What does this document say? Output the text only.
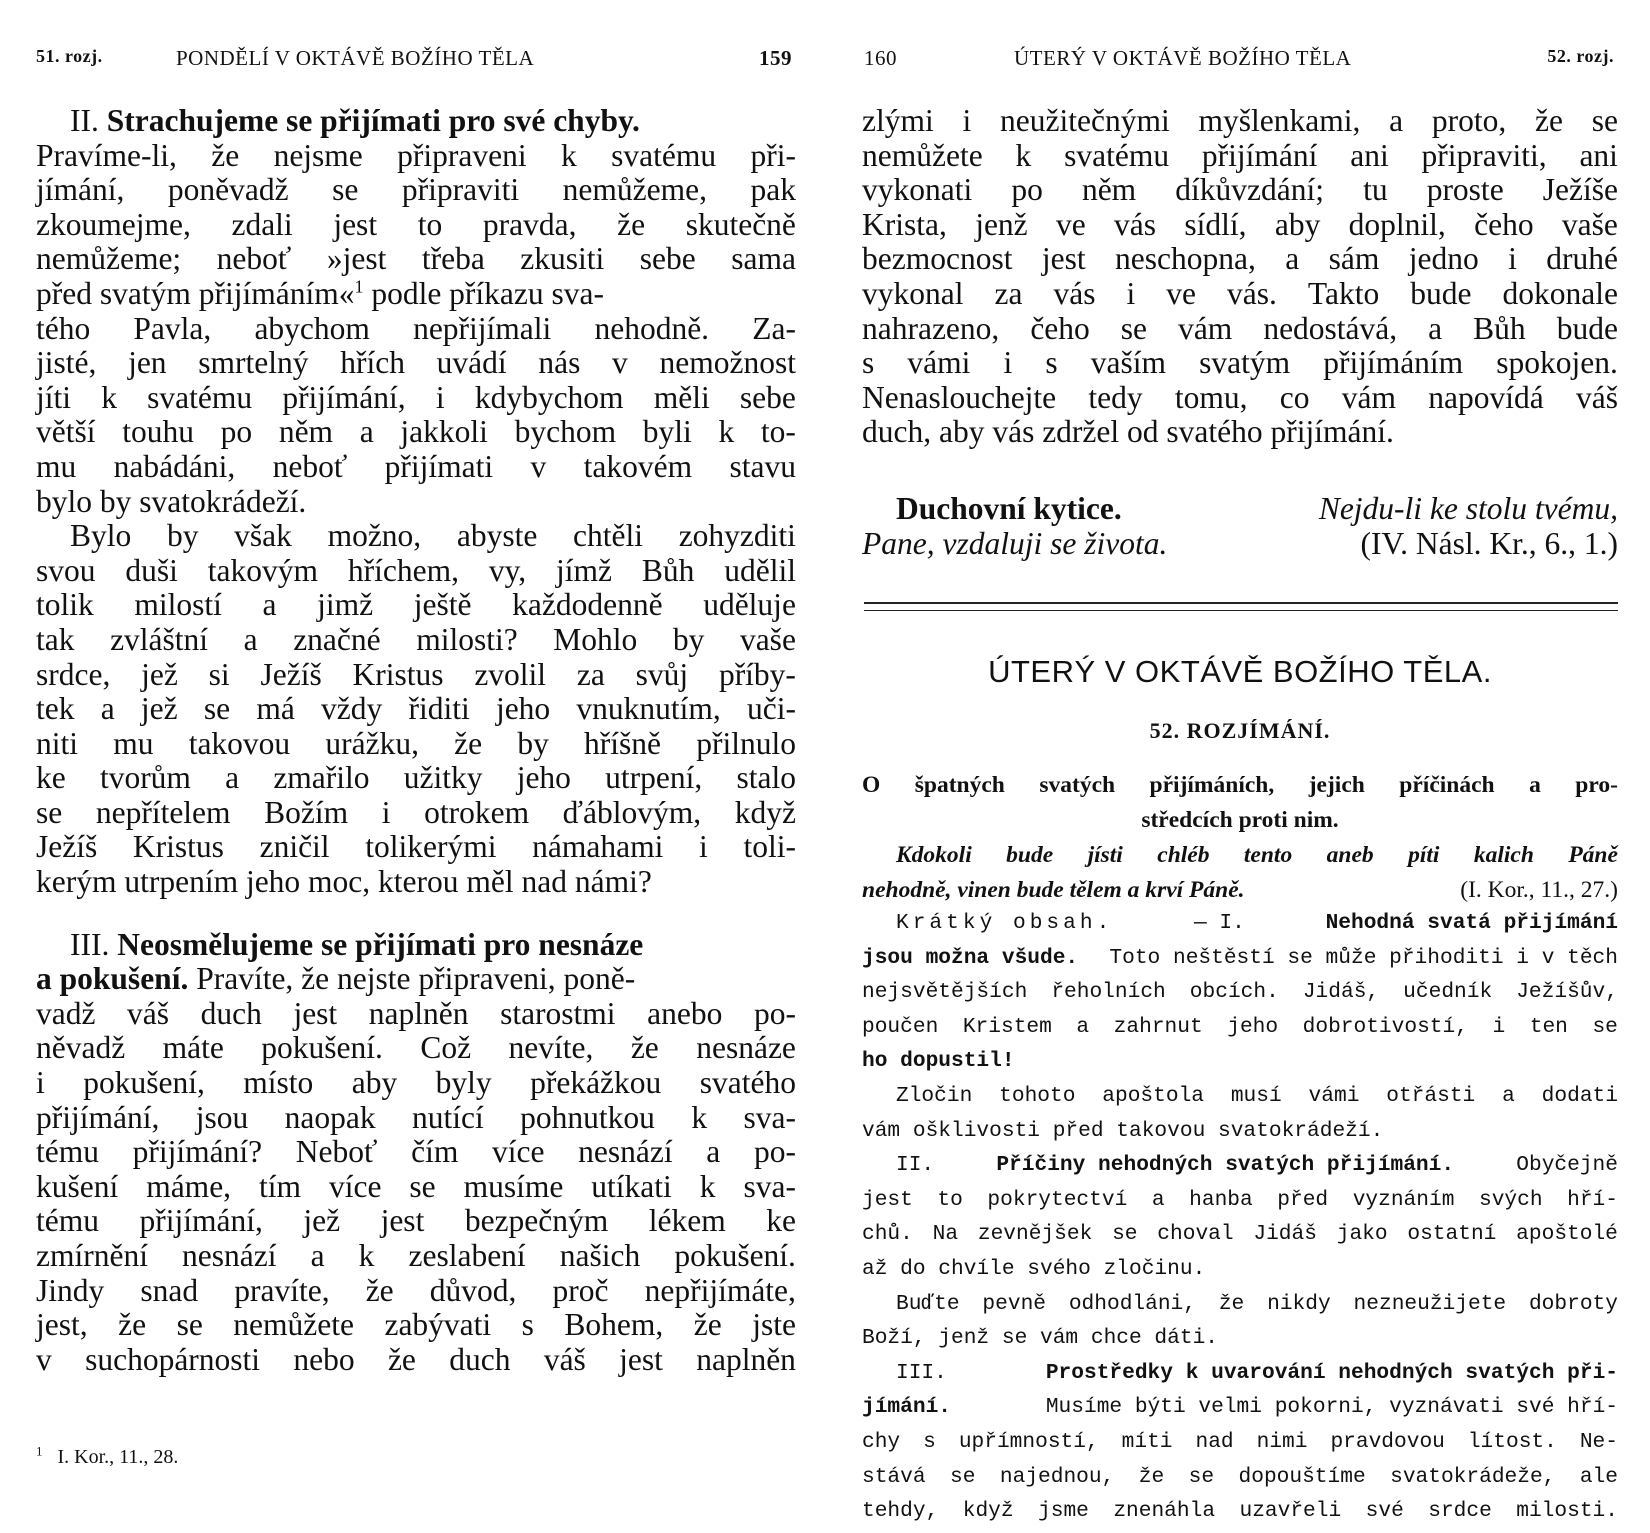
51. rozj.	PONDĚLÍ V OKTÁVĚ BOŽÍHO TĚLA	159
II. Strachujeme se přijímati pro své chyby.
Pravíme-li, že nejsme připraveni k svatému při-
jímání, poněvadž se připraviti nemůžeme, pak
zkoumejme, zdali jest to pravda, že skutečně
nemůžeme; neboť »jest třeba zkusiti sebe sama
před svatým přijímáním«$^1$ podle příkazu sva-
tého Pavla, abychom nepřijímali nehodně. Za-
jisté, jen smrtelný hřích uvádí nás v nemožnost
jíti k svatému přijímání, i kdybychom měli sebe
větší touhu po něm a jakkoli bychom byli k to-
mu nabádáni, neboť přijímati v takovém stavu
bylo by svatokrádeží.
Bylo by však možno, abyste chtěli zohyzditi
svou duši takovým hříchem, vy, jímž Bůh udělil
tolik milostí a jimž ještě každodenně uděluje
tak zvláštní a značné milosti? Mohlo by vaše
srdce, jež si Ježíš Kristus zvolil za svůj příby-
tek a jež se má vždy řiditi jeho vnuknutím, uči-
niti mu takovou urážku, že by hříšně přilnulo
ke tvorům a zmařilo užitky jeho utrpení, stalo
se nepřítelem Božím i otrokem ďáblovým, když
Ježíš Kristus zničil tolikerými námahami i toli-
kerým utrpením jeho moc, kterou měl nad námi?
III. Neosmělujeme se přijímati pro nesnáze
a pokušení. Pravíte, že nejste připraveni, poně-
vadž váš duch jest naplněn starostmi anebo po-
něvadž máte pokušení. Což nevíte, že nesnáze
i pokušení, místo aby byly překážkou svatého
přijímání, jsou naopak nutící pohnutkou k sva-
tému přijímání? Neboť čím více nesnází a po-
kušení máme, tím více se musíme utíkati k sva-
tému přijímání, jež jest bezpečným lékem ke
zmírnění nesnází a k zeslabení našich pokušení.
Jindy snad pravíte, že důvod, proč nepřijímáte,
jest, že se nemůžete zabývati s Bohem, že jste
v suchopárnosti nebo že duch váš jest naplněn
$^1$ I. Kor., 11., 28.
160	ÚTERÝ V OKTÁVĚ BOŽÍHO TĚLA	52. rozj.
zlými i neužitečnými myšlenkami, a proto, že se
nemůžete k svatému přijímání ani připraviti, ani
vykonati po něm díkůvzdání; tu proste Ježíše
Krista, jenž ve vás sídlí, aby doplnil, čeho vaše
bezmocnost jest neschopna, a sám jedno i druhé
vykonal za vás i ve vás. Takto bude dokonale
nahrazeno, čeho se vám nedostává, a Bůh bude
s vámi i s vaším svatým přijímáním spokojen.
Nenaslouchejte tedy tomu, co vám napovídá váš
duch, aby vás zdržel od svatého přijímání.
Duchovní kytice.	Nejdu-li ke stolu tvému,
Pane, vzdaluji se života.	(IV. Násl. Kr., 6., 1.)
ÚTERÝ V OKTÁVĚ BOŽÍHO TĚLA.
52. ROZJÍMÁNÍ.
O špatných svatých přijímáních, jejich příčinách a pro-
středcích proti nim.
Kdokoli bude jísti chléb tento aneb píti kalich Páně
nehodně, vinen bude tělem a krví Páně.	(I. Kor., 11., 27.)
Krátký obsah.	— I.	Nehodná svatá přijímání
jsou možna všude. Toto neštěstí se může přihoditi i v těch
nejsvětějších řeholních obcích. Jidáš, učedník Ježíšův,
poučen Kristem a zahrnut jeho dobrotivostí, i ten se
ho dopustil!
Zločin tohoto apoštola musí vámi otřásti a dodati
vám ošklivosti před takovou svatokrádeží.
II.	Příčiny nehodných svatých přijímání.	Obyčejně
jest to pokrytectví a hanba před vyznáním svých hří-
chů. Na zevnějšek se choval Jidáš jako ostatní apoštolé
až do chvíle svého zločinu.
Buďte pevně odhodláni, že nikdy nezneužijete dobroty
Boží, jenž se vám chce dáti.
III.	Prostředky k uvarování nehodných svatých při-
jímání.	Musíme býti velmi pokorni, vyznávati své hří-
chy s upřímností, míti nad nimi pravdovou lítost. Ne-
stává se najednou, že se dopouštíme svatokrádeže, ale
tehdy, když jsme znenáhla uzavřeli své srdce milosti.
